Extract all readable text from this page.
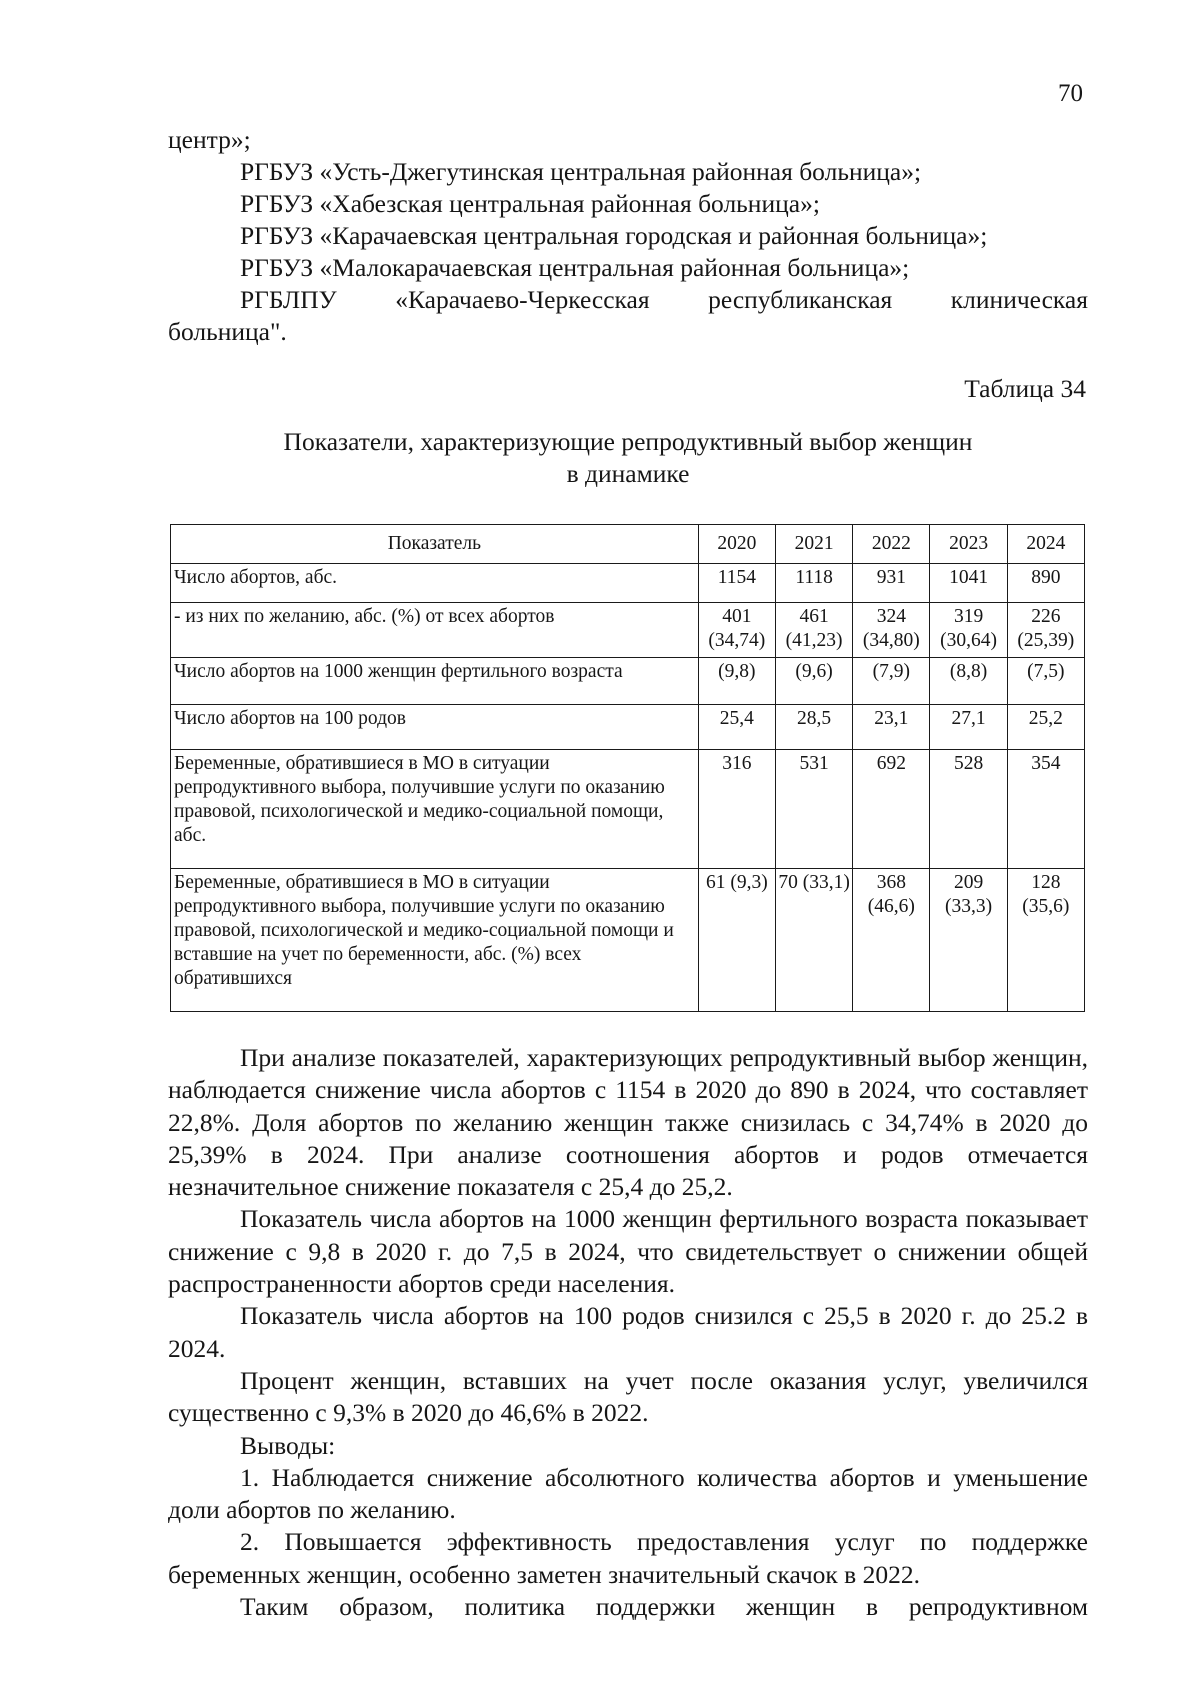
70
центр»;
РГБУЗ «Усть-Джегутинская центральная районная больница»;
РГБУЗ «Хабезская центральная районная больница»;
РГБУЗ «Карачаевская центральная городская и районная больница»;
РГБУЗ «Малокарачаевская центральная районная больница»;
РГБЛПУ «Карачаево-Черкесская республиканская клиническая
больница".
Таблица 34
Показатели, характеризующие репродуктивный выбор женщин
в динамике
Показатель	2020	2021	2022	2023	2024
Число абортов, абс.	1154	1118	931	1041	890
- из них по желанию, абс. (%) от всех абортов	401 (34,74)	461 (41,23)	324 (34,80)	319 (30,64)	226 (25,39)
Число абортов на 1000 женщин фертильного возраста	(9,8)	(9,6)	(7,9)	(8,8)	(7,5)
Число абортов на 100 родов	25,4	28,5	23,1	27,1	25,2
Беременные, обратившиеся в МО в ситуации репродуктивного выбора, получившие услуги по оказанию правовой, психологической и медико-социальной помощи, абс.	316	531	692	528	354
Беременные, обратившиеся в МО в ситуации репродуктивного выбора, получившие услуги по оказанию правовой, психологической и медико-социальной помощи и вставшие на учет по беременности, абс. (%) всех обратившихся	61 (9,3)	70 (33,1)	368 (46,6)	209 (33,3)	128 (35,6)

При анализе показателей, характеризующих репродуктивный выбор женщин, наблюдается снижение числа абортов с 1154 в 2020 до 890 в 2024, что составляет 22,8%. Доля абортов по желанию женщин также снизилась с 34,74% в 2020 до 25,39% в 2024. При анализе соотношения абортов и родов отмечается незначительное снижение показателя с 25,4 до 25,2.

Показатель числа абортов на 1000 женщин фертильного возраста показывает снижение с 9,8 в 2020 г. до 7,5 в 2024, что свидетельствует о снижении общей распространенности абортов среди населения.

Показатель числа абортов на 100 родов снизился с 25,5 в 2020 г. до 25.2 в 2024.

Процент женщин, вставших на учет после оказания услуг, увеличился существенно с 9,3% в 2020 до 46,6% в 2022.

Выводы:

1. Наблюдается снижение абсолютного количества абортов и уменьшение доли абортов по желанию.

2. Повышается эффективность предоставления услуг по поддержке беременных женщин, особенно заметен значительный скачок в 2022.

Таким образом, политика поддержки женщин в репродуктивном
